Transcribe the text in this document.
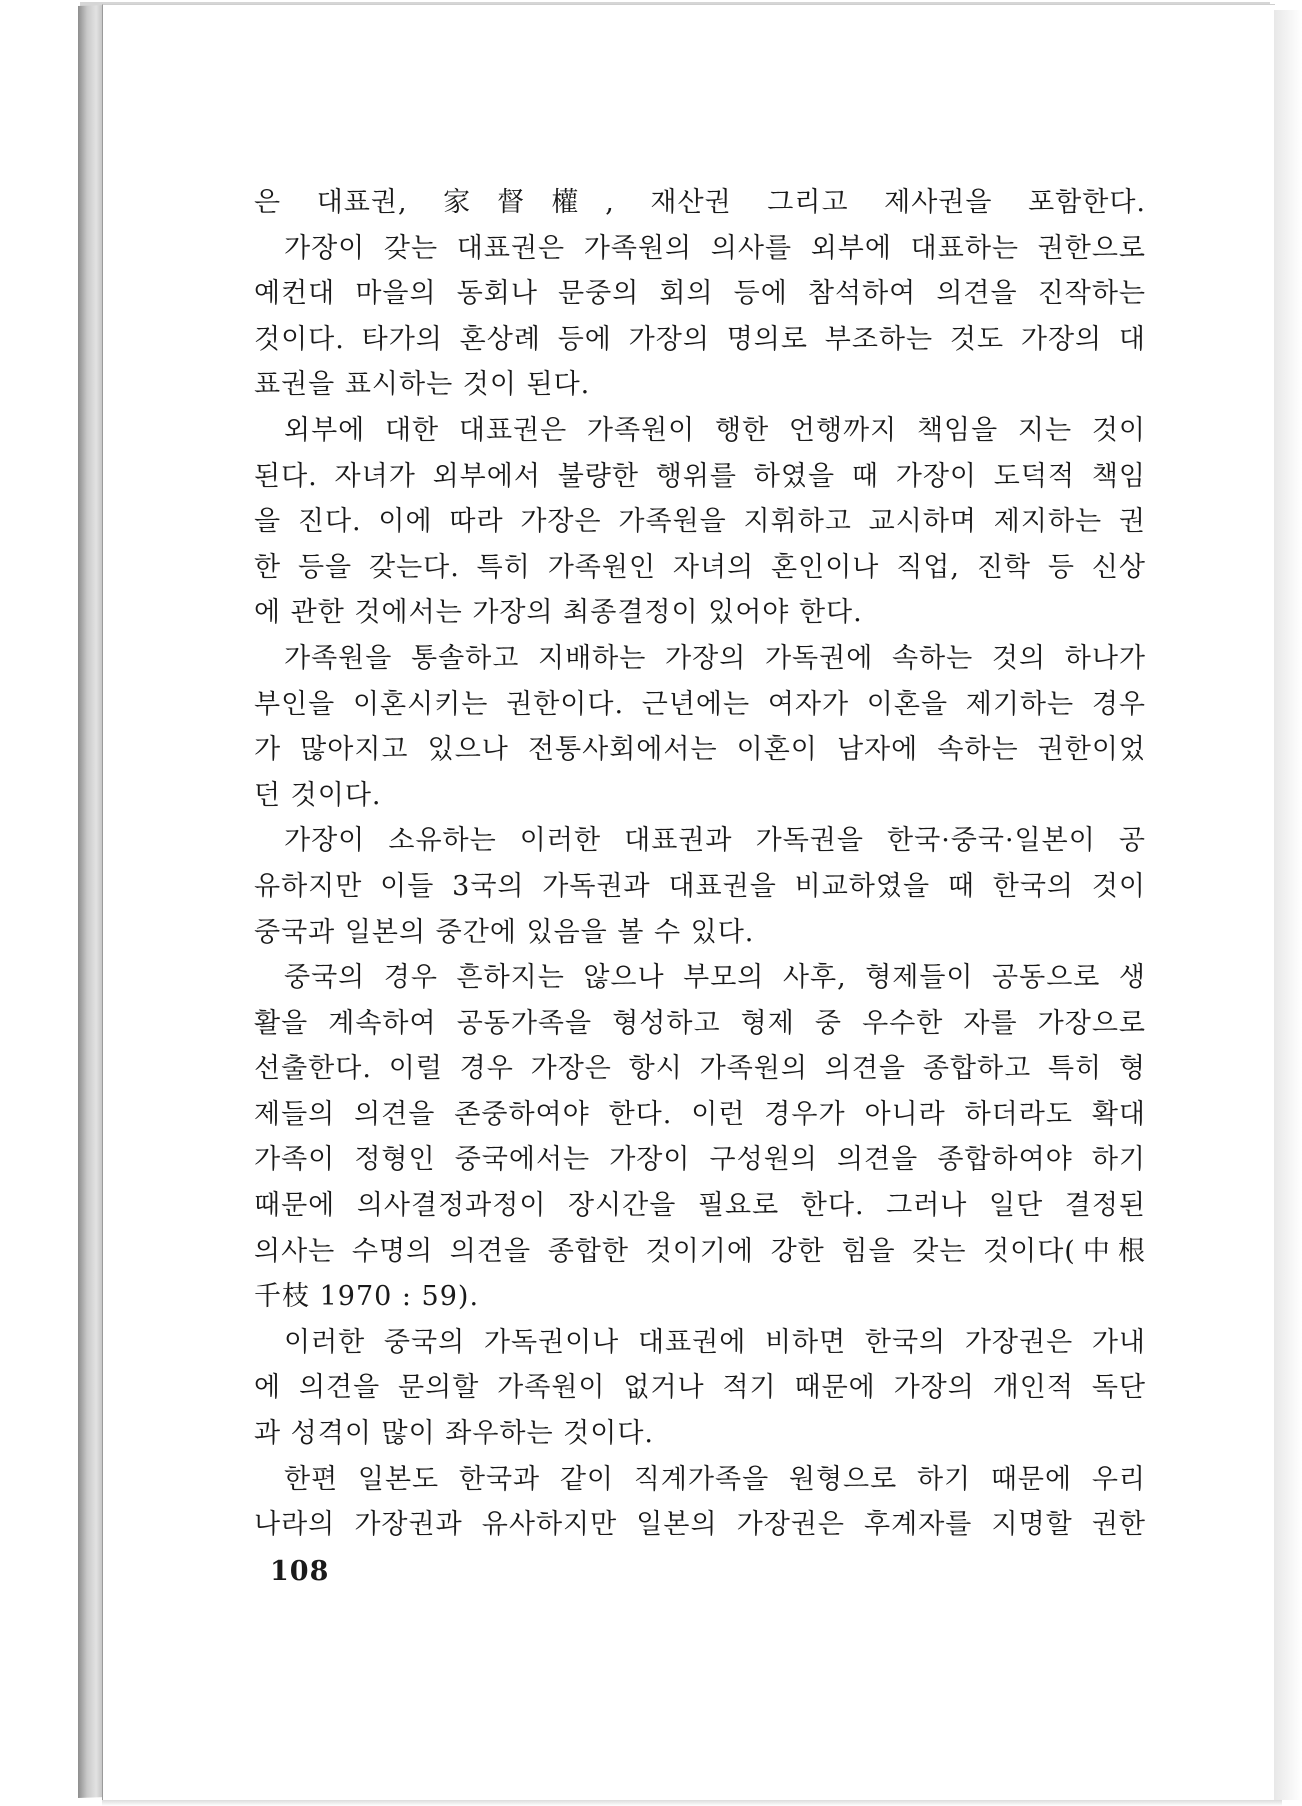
은 대표권, 家督權, 재산권 그리고 제사권을 포함한다.
가장이 갖는 대표권은 가족원의 의사를 외부에 대표하는 권한으로
예컨대 마을의 동회나 문중의 회의 등에 참석하여 의견을 진작하는
것이다. 타가의 혼상례 등에 가장의 명의로 부조하는 것도 가장의 대
표권을 표시하는 것이 된다.
외부에 대한 대표권은 가족원이 행한 언행까지 책임을 지는 것이
된다. 자녀가 외부에서 불량한 행위를 하였을 때 가장이 도덕적 책임
을 진다. 이에 따라 가장은 가족원을 지휘하고 교시하며 제지하는 권
한 등을 갖는다. 특히 가족원인 자녀의 혼인이나 직업, 진학 등 신상
에 관한 것에서는 가장의 최종결정이 있어야 한다.
가족원을 통솔하고 지배하는 가장의 가독권에 속하는 것의 하나가
부인을 이혼시키는 권한이다. 근년에는 여자가 이혼을 제기하는 경우
가 많아지고 있으나 전통사회에서는 이혼이 남자에 속하는 권한이었
던 것이다.
가장이 소유하는 이러한 대표권과 가독권을 한국·중국·일본이 공
유하지만 이들 3국의 가독권과 대표권을 비교하였을 때 한국의 것이
중국과 일본의 중간에 있음을 볼 수 있다.
중국의 경우 흔하지는 않으나 부모의 사후, 형제들이 공동으로 생
활을 계속하여 공동가족을 형성하고 형제 중 우수한 자를 가장으로
선출한다. 이럴 경우 가장은 항시 가족원의 의견을 종합하고 특히 형
제들의 의견을 존중하여야 한다. 이런 경우가 아니라 하더라도 확대
가족이 정형인 중국에서는 가장이 구성원의 의견을 종합하여야 하기
때문에 의사결정과정이 장시간을 필요로 한다. 그러나 일단 결정된
의사는 수명의 의견을 종합한 것이기에 강한 힘을 갖는 것이다(中根
千枝 1970 : 59).
이러한 중국의 가독권이나 대표권에 비하면 한국의 가장권은 가내
에 의견을 문의할 가족원이 없거나 적기 때문에 가장의 개인적 독단
과 성격이 많이 좌우하는 것이다.
한편 일본도 한국과 같이 직계가족을 원형으로 하기 때문에 우리
나라의 가장권과 유사하지만 일본의 가장권은 후계자를 지명할 권한
108
